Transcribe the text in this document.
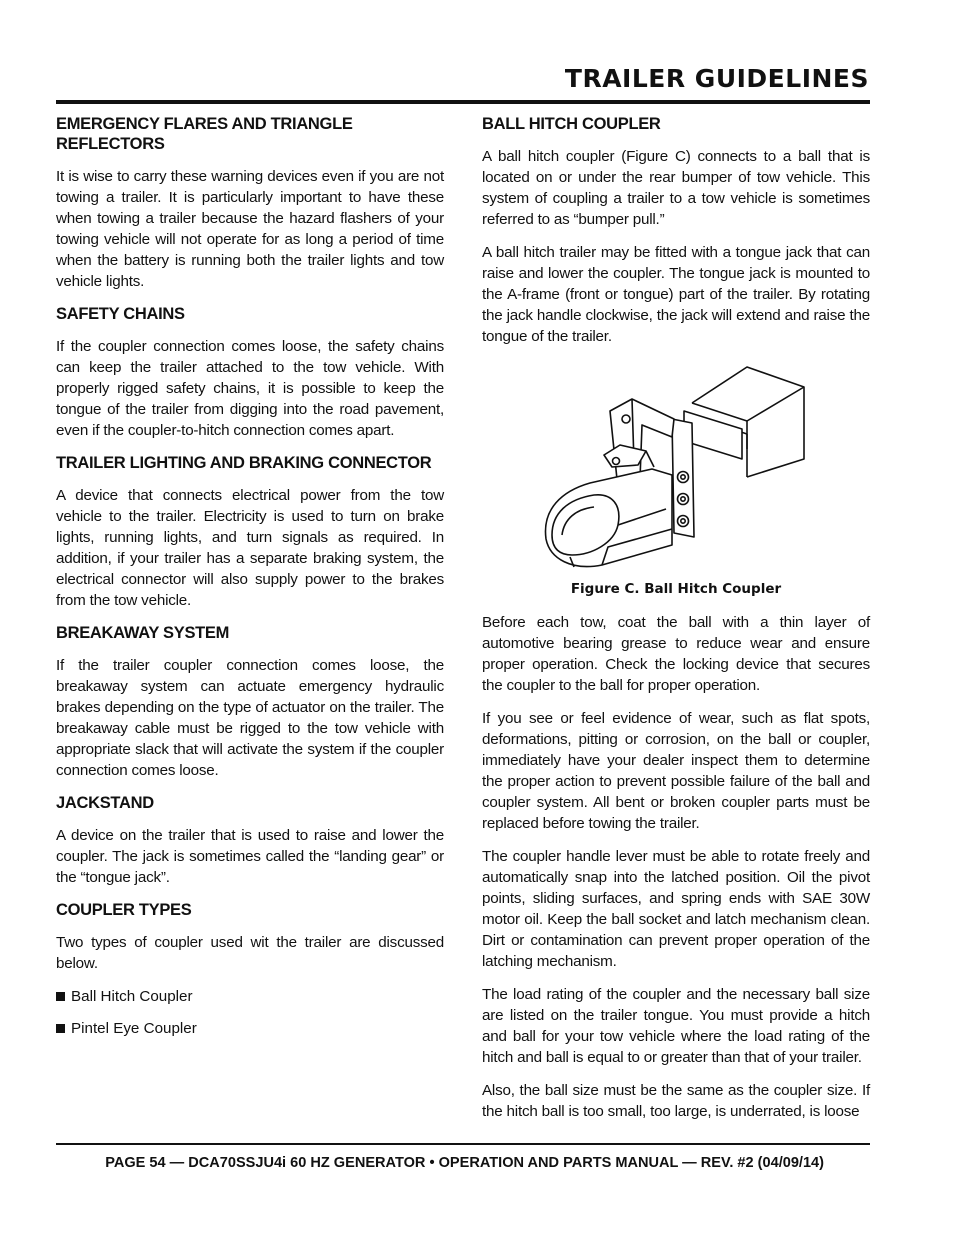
TRAILER GUIDELINES
EMERGENCY FLARES AND TRIANGLE REFLECTORS

It is wise to carry these warning devices even if you are not towing a trailer. It is particularly important to have these when towing a trailer because the hazard flashers of your towing vehicle will not operate for as long a period of time when the battery is running both the trailer lights and tow vehicle lights.

SAFETY CHAINS

If the coupler connection comes loose, the safety chains can keep the trailer attached to the tow vehicle. With properly rigged safety chains, it is possible to keep the tongue of the trailer from digging into the road pavement, even if the coupler-to-hitch connection comes apart.

TRAILER LIGHTING AND BRAKING CONNECTOR

A device that connects electrical power from the tow vehicle to the trailer. Electricity is used to turn on brake lights, running lights, and turn signals as required. In addition, if your trailer has a separate braking system, the electrical connector will also supply power to the brakes from the tow vehicle.

BREAKAWAY SYSTEM

If the trailer coupler connection comes loose, the breakaway system can actuate emergency hydraulic brakes depending on the type of actuator on the trailer. The breakaway cable must be rigged to the tow vehicle with appropriate slack that will activate the system if the coupler connection comes loose.

JACKSTAND

A device on the trailer that is used to raise and lower the coupler. The jack is sometimes called the “landing gear” or the “tongue jack”.

COUPLER TYPES

Two types of coupler used wit the trailer are discussed below.

Ball Hitch Coupler
Pintel Eye Coupler
BALL HITCH COUPLER

A ball hitch coupler (Figure C) connects to a ball that is located on or under the rear bumper of tow vehicle. This system of coupling a trailer to a tow vehicle is sometimes referred to as “bumper pull.”

A ball hitch trailer may be fitted with a tongue jack that can raise and lower the coupler. The tongue jack is mounted to the A-frame (front or tongue) part of the trailer. By rotating the jack handle clockwise, the jack will extend and raise the tongue of the trailer.

Figure C. Ball Hitch Coupler

Before each tow, coat the ball with a thin layer of automotive bearing grease to reduce wear and ensure proper operation. Check the locking device that secures the coupler to the ball for proper operation.

If you see or feel evidence of wear, such as flat spots, deformations, pitting or corrosion, on the ball or coupler, immediately have your dealer inspect them to determine the proper action to prevent possible failure of the ball and coupler system. All bent or broken coupler parts must be replaced before towing the trailer.

The coupler handle lever must be able to rotate freely and automatically snap into the latched position. Oil the pivot points, sliding surfaces, and spring ends with SAE 30W motor oil. Keep the ball socket and latch mechanism clean. Dirt or contamination can prevent proper operation of the latching mechanism.

The load rating of the coupler and the necessary ball size are listed on the trailer tongue. You must provide a hitch and ball for your tow vehicle where the load rating of the hitch and ball is equal to or greater than that of your trailer.

Also, the ball size must be the same as the coupler size. If the hitch ball is too small, too large, is underrated, is loose

PAGE 54 — DCA70SSJU4i 60 HZ GENERATOR • OPERATION AND PARTS MANUAL — REV. #2 (04/09/14)
